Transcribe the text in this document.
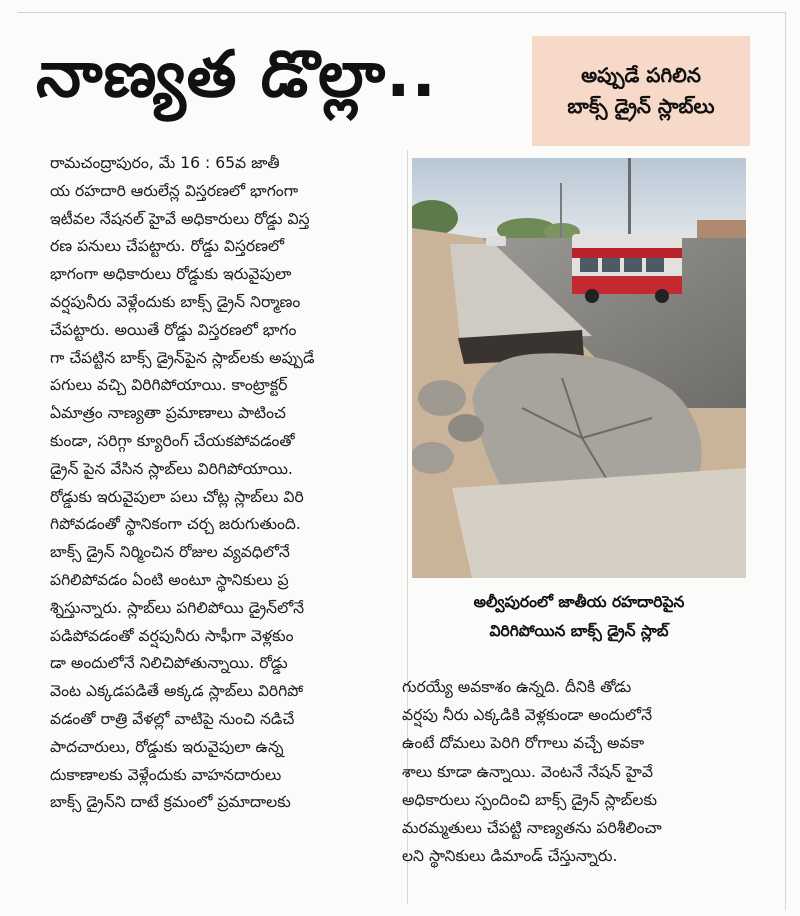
నాణ్యత డొల్లా..	అప్పుడే పగిలిన
బాక్స్ డ్రైన్ స్లాబ్‌లు
రామచంద్రాపురం, మే 16 : 65వ జాతీ
య రహదారి ఆరులేన్ల విస్తరణలో భాగంగా
ఇటీవల నేషనల్ హైవే అధికారులు రోడ్డు విస్త
రణ పనులు చేపట్టారు. రోడ్డు విస్తరణలో
భాగంగా అధికారులు రోడ్డుకు ఇరువైపులా
వర్షపునీరు వెళ్లేందుకు బాక్స్ డ్రైన్ నిర్మాణం
చేపట్టారు. అయితే రోడ్డు విస్తరణలో భాగం
గా చేపట్టిన బాక్స్ డ్రైన్‌పైన స్లాబ్‌లకు అప్పుడే
పగులు వచ్చి విరిగిపోయాయి. కాంట్రాక్టర్
ఏమాత్రం నాణ్యతా ప్రమాణాలు పాటించ
కుండా, సరిగ్గా క్యూరింగ్ చేయకపోవడంతో
డ్రైన్ పైన వేసిన స్లాబ్‌లు విరిగిపోయాయి.
రోడ్డుకు ఇరువైపులా పలు చోట్ల స్లాబ్‌లు విరి
గిపోవడంతో స్థానికంగా చర్చ జరుగుతుంది.
బాక్స్ డ్రైన్ నిర్మించిన రోజుల వ్యవధిలోనే
పగిలిపోవడం ఏంటి అంటూ స్థానికులు ప్ర
శ్నిస్తున్నారు. స్లాబ్‌లు పగిలిపోయి డ్రైన్‌లోనే
పడిపోవడంతో వర్షపునీరు సాఫీగా వెళ్లకుం
డా అందులోనే నిలిచిపోతున్నాయి. రోడ్డు
వెంట ఎక్కడపడితే అక్కడ స్లాబ్‌లు విరిగిపో
వడంతో రాత్రి వేళల్లో వాటిపై నుంచి నడిచే
పాదచారులు, రోడ్డుకు ఇరువైపులా ఉన్న
దుకాణాలకు వెళ్లేందుకు వాహనదారులు
బాక్స్ డ్రైన్‌ని దాటే క్రమంలో ప్రమాదాలకు
అల్వీపురంలో జాతీయ రహదారిపైన
విరిగిపోయిన బాక్స్ డ్రైన్ స్లాబ్
గురయ్యే అవకాశం ఉన్నది. దీనికి తోడు
వర్షపు నీరు ఎక్కడికి వెళ్లకుండా అందులోనే
ఉంటే దోమలు పెరిగి రోగాలు వచ్చే అవకా
శాలు కూడా ఉన్నాయి. వెంటనే నేషన్ హైవే
అధికారులు స్పందించి బాక్స్ డ్రైన్ స్లాబ్‌లకు
మరమ్మతులు చేపట్టి నాణ్యతను పరిశీలించా
లని స్థానికులు డిమాండ్ చేస్తున్నారు.
